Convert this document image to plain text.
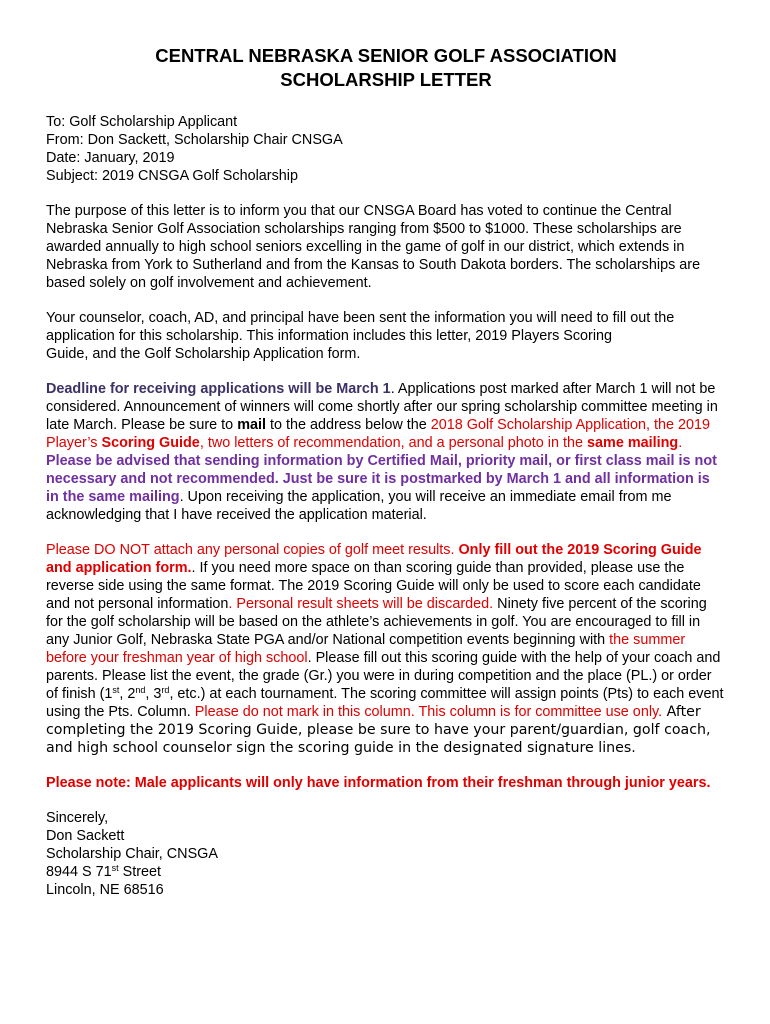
CENTRAL NEBRASKA SENIOR GOLF ASSOCIATION
SCHOLARSHIP LETTER

To: Golf Scholarship Applicant
From: Don Sackett, Scholarship Chair CNSGA
Date: January, 2019
Subject: 2019 CNSGA Golf Scholarship

The purpose of this letter is to inform you that our CNSGA Board has voted to continue the Central Nebraska Senior Golf Association scholarships ranging from $500 to $1000. These scholarships are awarded annually to high school seniors excelling in the game of golf in our district, which extends in Nebraska from York to Sutherland and from the Kansas to South Dakota borders. The scholarships are based solely on golf involvement and achievement.

Your counselor, coach, AD, and principal have been sent the information you will need to fill out the
application for this scholarship. This information includes this letter, 2019 Players Scoring
Guide, and the Golf Scholarship Application form.

Deadline for receiving applications will be March 1. Applications post marked after March 1 will not be considered. Announcement of winners will come shortly after our spring scholarship committee meeting in late March. Please be sure to mail to the address below the 2018 Golf Scholarship Application, the 2019 Player’s Scoring Guide, two letters of recommendation, and a personal photo in the same mailing. Please be advised that sending information by Certified Mail, priority mail, or first class mail is not necessary and not recommended. Just be sure it is postmarked by March 1 and all information is in the same mailing. Upon receiving the application, you will receive an immediate email from me acknowledging that I have received the application material.

Please DO NOT attach any personal copies of golf meet results. Only fill out the 2019 Scoring Guide and application form.. If you need more space on than scoring guide than provided, please use the reverse side using the same format. The 2019 Scoring Guide will only be used to score each candidate and not personal information. Personal result sheets will be discarded. Ninety five percent of the scoring for the golf scholarship will be based on the athlete’s achievements in golf. You are encouraged to fill in any Junior Golf, Nebraska State PGA and/or National competition events beginning with the summer before your freshman year of high school. Please fill out this scoring guide with the help of your coach and parents. Please list the event, the grade (Gr.) you were in during competition and the place (PL.) or order of finish (1st, 2nd, 3rd, etc.) at each tournament. The scoring committee will assign points (Pts) to each event using the Pts. Column. Please do not mark in this column. This column is for committee use only. After completing the 2019 Scoring Guide, please be sure to have your parent/guardian, golf coach, and high school counselor sign the scoring guide in the designated signature lines.

Please note: Male applicants will only have information from their freshman through junior years.

Sincerely,
Don Sackett
Scholarship Chair, CNSGA
8944 S 71st Street
Lincoln, NE 68516
